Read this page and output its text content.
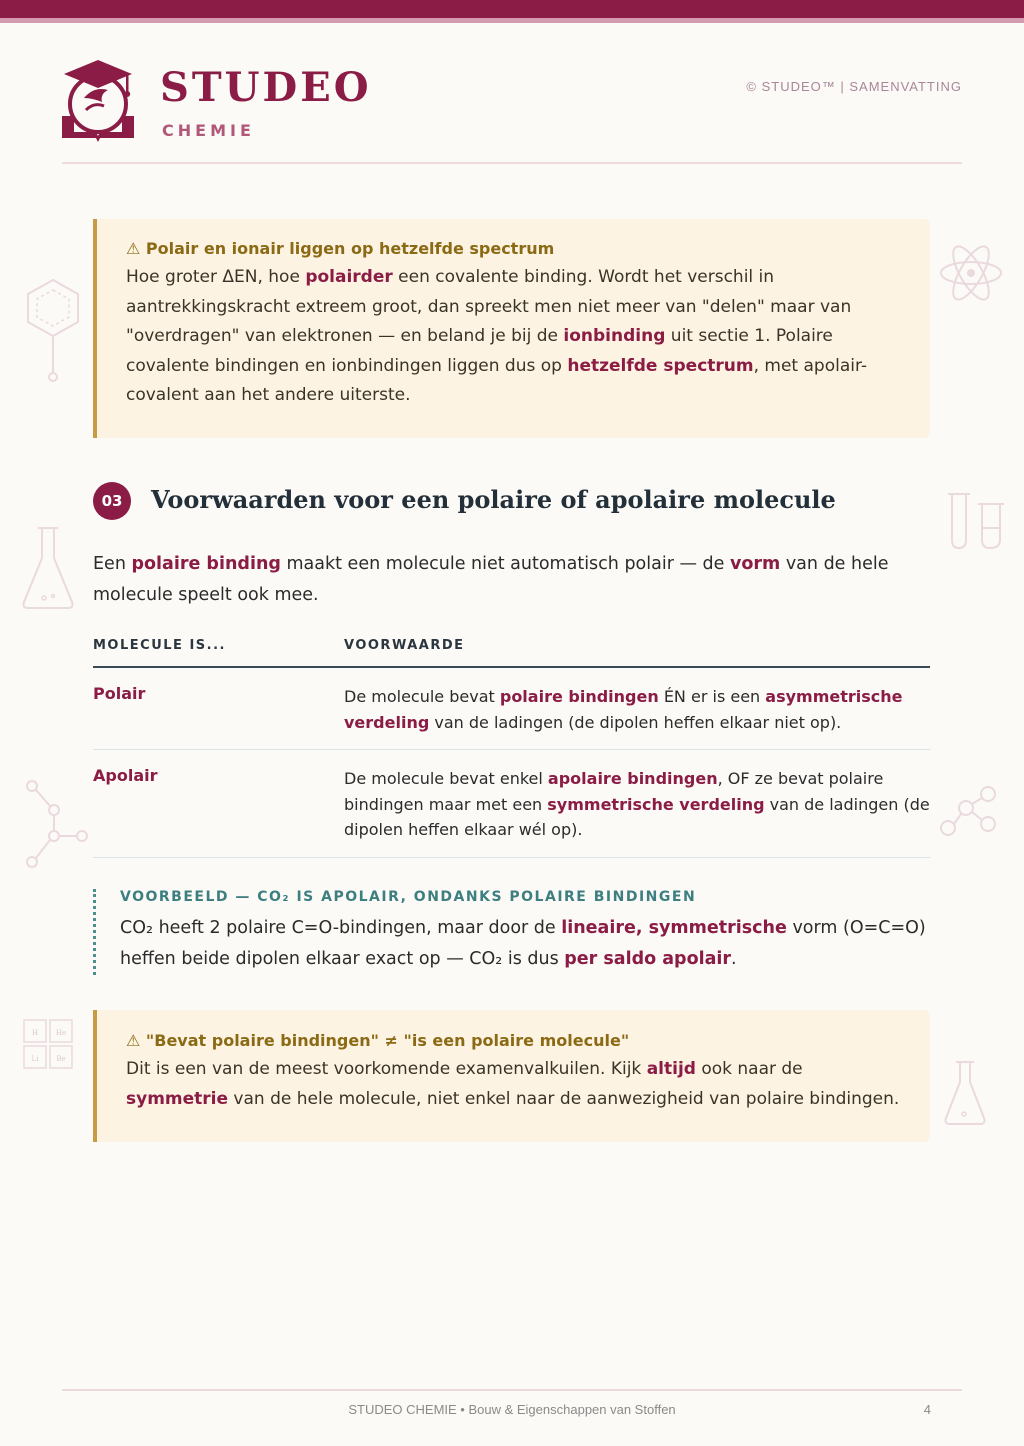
STUDEO
CHEMIE
© STUDEO™ | SAMENVATTING
H	He
Li	Be
⚠ Polair en ionair liggen op hetzelfde spectrum
Hoe groter ΔEN, hoe polairder een covalente binding. Wordt het verschil in aantrekkingskracht extreem groot, dan spreekt men niet meer van "delen" maar van "overdragen" van elektronen — en beland je bij de ionbinding uit sectie 1. Polaire covalente bindingen en ionbindingen liggen dus op hetzelfde spectrum, met apolair-covalent aan het andere uiterste.
03	Voorwaarden voor een polaire of apolaire molecule
Een polaire binding maakt een molecule niet automatisch polair — de vorm van de hele molecule speelt ook mee.
MOLECULE IS...	VOORWAARDE
Polair	De molecule bevat polaire bindingen ÉN er is een asymmetrische verdeling van de ladingen (de dipolen heffen elkaar niet op).
Apolair	De molecule bevat enkel apolaire bindingen, OF ze bevat polaire bindingen maar met een symmetrische verdeling van de ladingen (de dipolen heffen elkaar wél op).
VOORBEELD — CO₂ IS APOLAIR, ONDANKS POLAIRE BINDINGEN
CO₂ heeft 2 polaire C=O-bindingen, maar door de lineaire, symmetrische vorm (O=C=O) heffen beide dipolen elkaar exact op — CO₂ is dus per saldo apolair.
⚠ "Bevat polaire bindingen" ≠ "is een polaire molecule"
Dit is een van de meest voorkomende examenvalkuilen. Kijk altijd ook naar de symmetrie van de hele molecule, niet enkel naar de aanwezigheid van polaire bindingen.
STUDEO CHEMIE • Bouw & Eigenschappen van Stoffen	4
